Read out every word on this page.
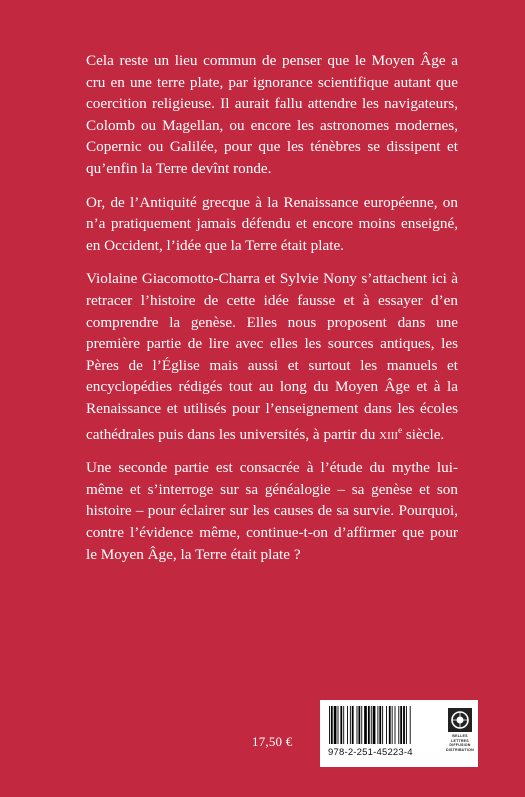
Cela reste un lieu commun de penser que le Moyen Âge a cru en une terre plate, par ignorance scientifique autant que coercition religieuse. Il aurait fallu attendre les navigateurs, Colomb ou Magellan, ou encore les astronomes modernes, Copernic ou Galilée, pour que les ténèbres se dissipent et qu’enfin la Terre devînt ronde.

Or, de l’Antiquité grecque à la Renaissance européenne, on n’a pratiquement jamais défendu et encore moins enseigné, en Occident, l’idée que la Terre était plate.

Violaine Giacomotto-Charra et Sylvie Nony s’attachent ici à retracer l’histoire de cette idée fausse et à essayer d’en comprendre la genèse. Elles nous proposent dans une première partie de lire avec elles les sources antiques, les Pères de l’Église mais aussi et surtout les manuels et encyclopédies rédigés tout au long du Moyen Âge et à la Renaissance et utilisés pour l’enseignement dans les écoles cathédrales puis dans les universités, à partir du xiii$^e$ siècle.

Une seconde partie est consacrée à l’étude du mythe lui-même et s’interroge sur sa généalogie – sa genèse et son histoire – pour éclairer sur les causes de sa survie. Pourquoi, contre l’évidence même, continue-t-on d’affirmer que pour le Moyen Âge, la Terre était plate ?

17,50 €
978-2-251-45223-4
BELLES LETTRES
DIFFUSION
DISTRIBUTION
